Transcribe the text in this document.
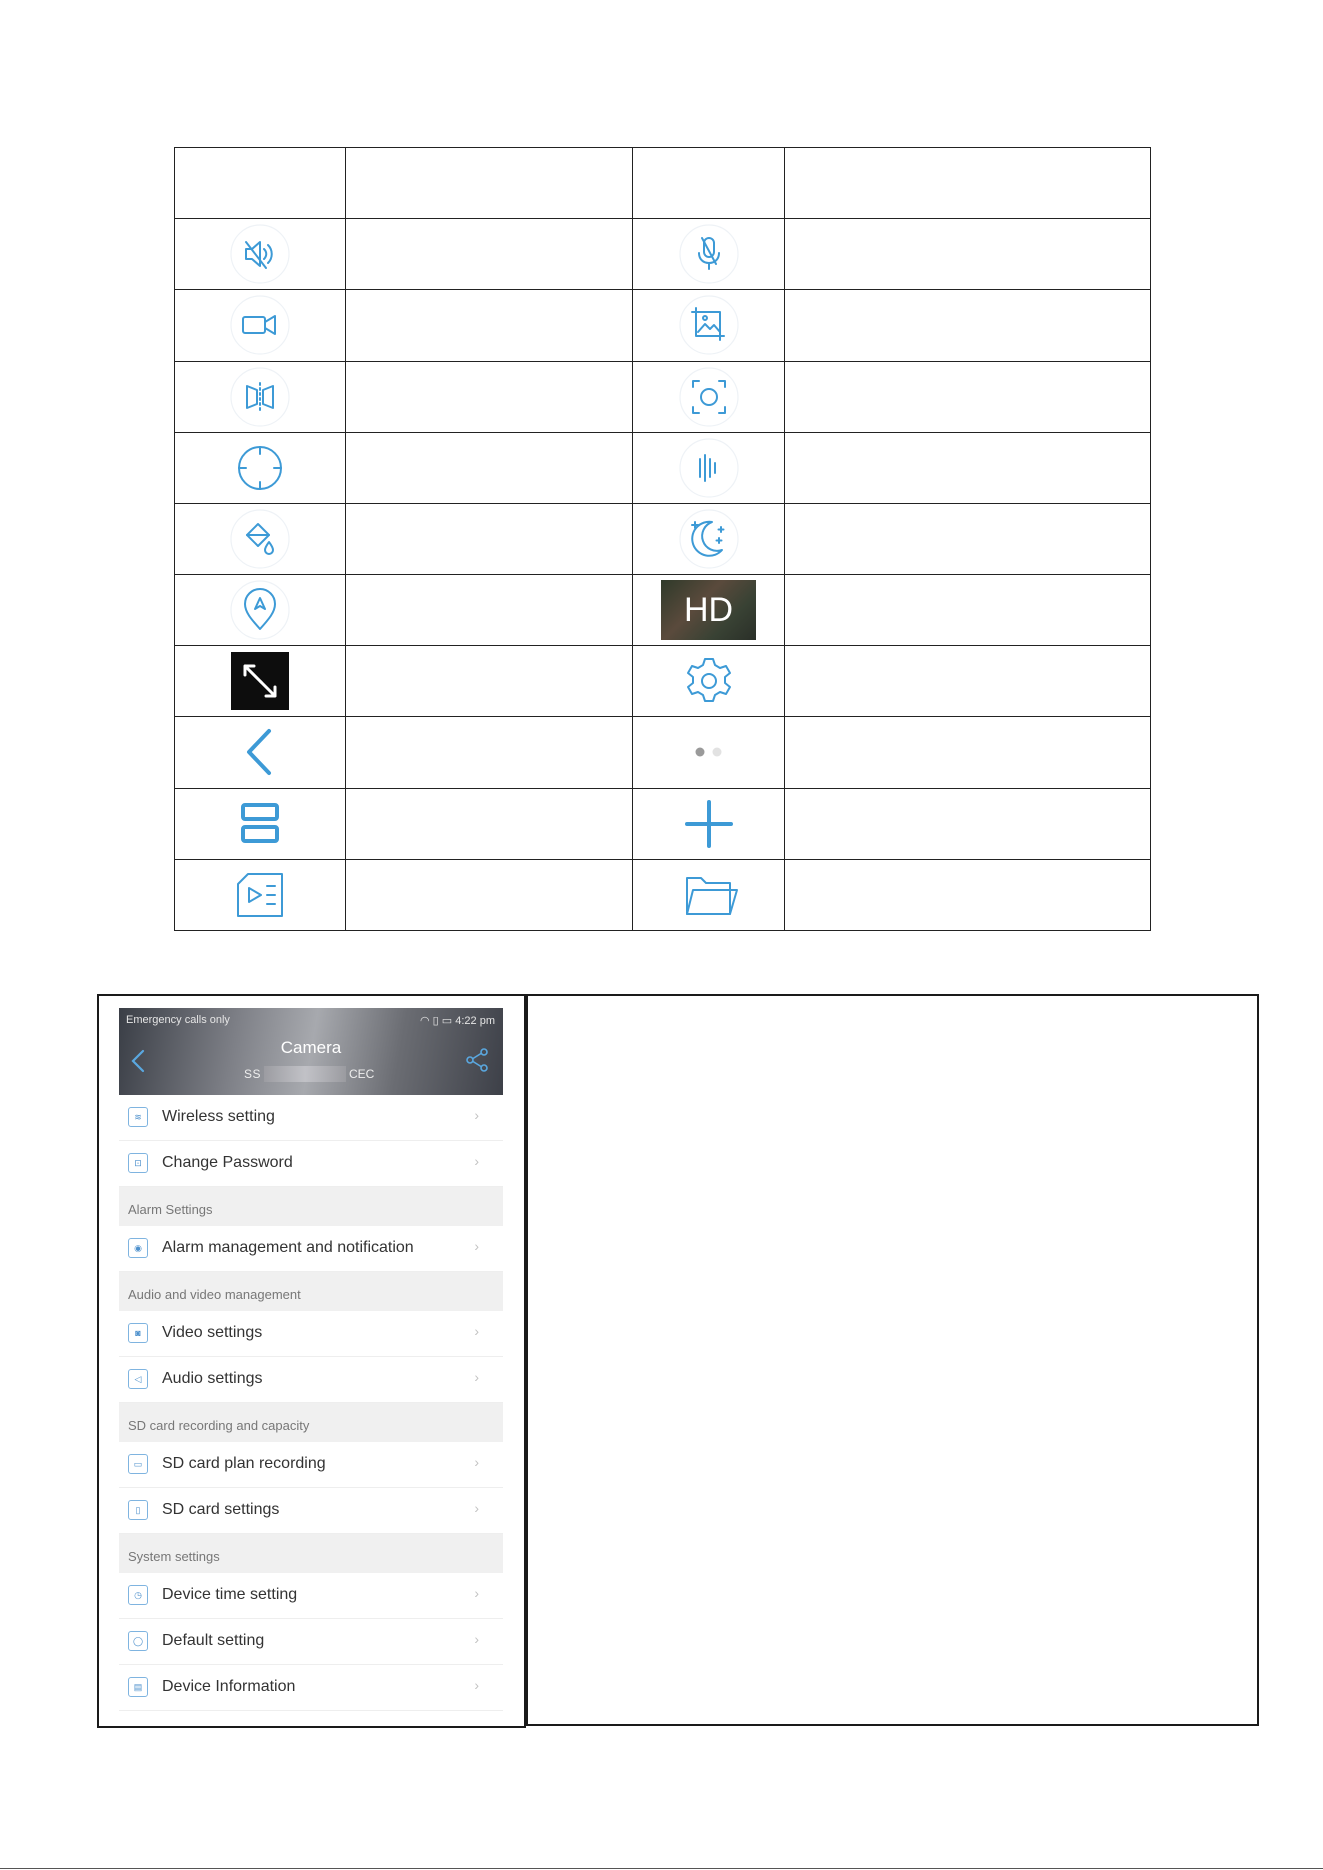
HD	

Emergency calls only	◠ ▯ ▭ 4:22 pm
Camera
SS	CEC
≋ Wireless setting	›
⊡ Change Password	›
Alarm Settings
◉ Alarm management and notification	›
Audio and video management
◙ Video settings	›
◁ Audio settings	›
SD card recording and capacity
▭ SD card plan recording	›
▯ SD card settings	›
System settings
◷ Device time setting	›
◯ Default setting	›
▤ Device Information	›
